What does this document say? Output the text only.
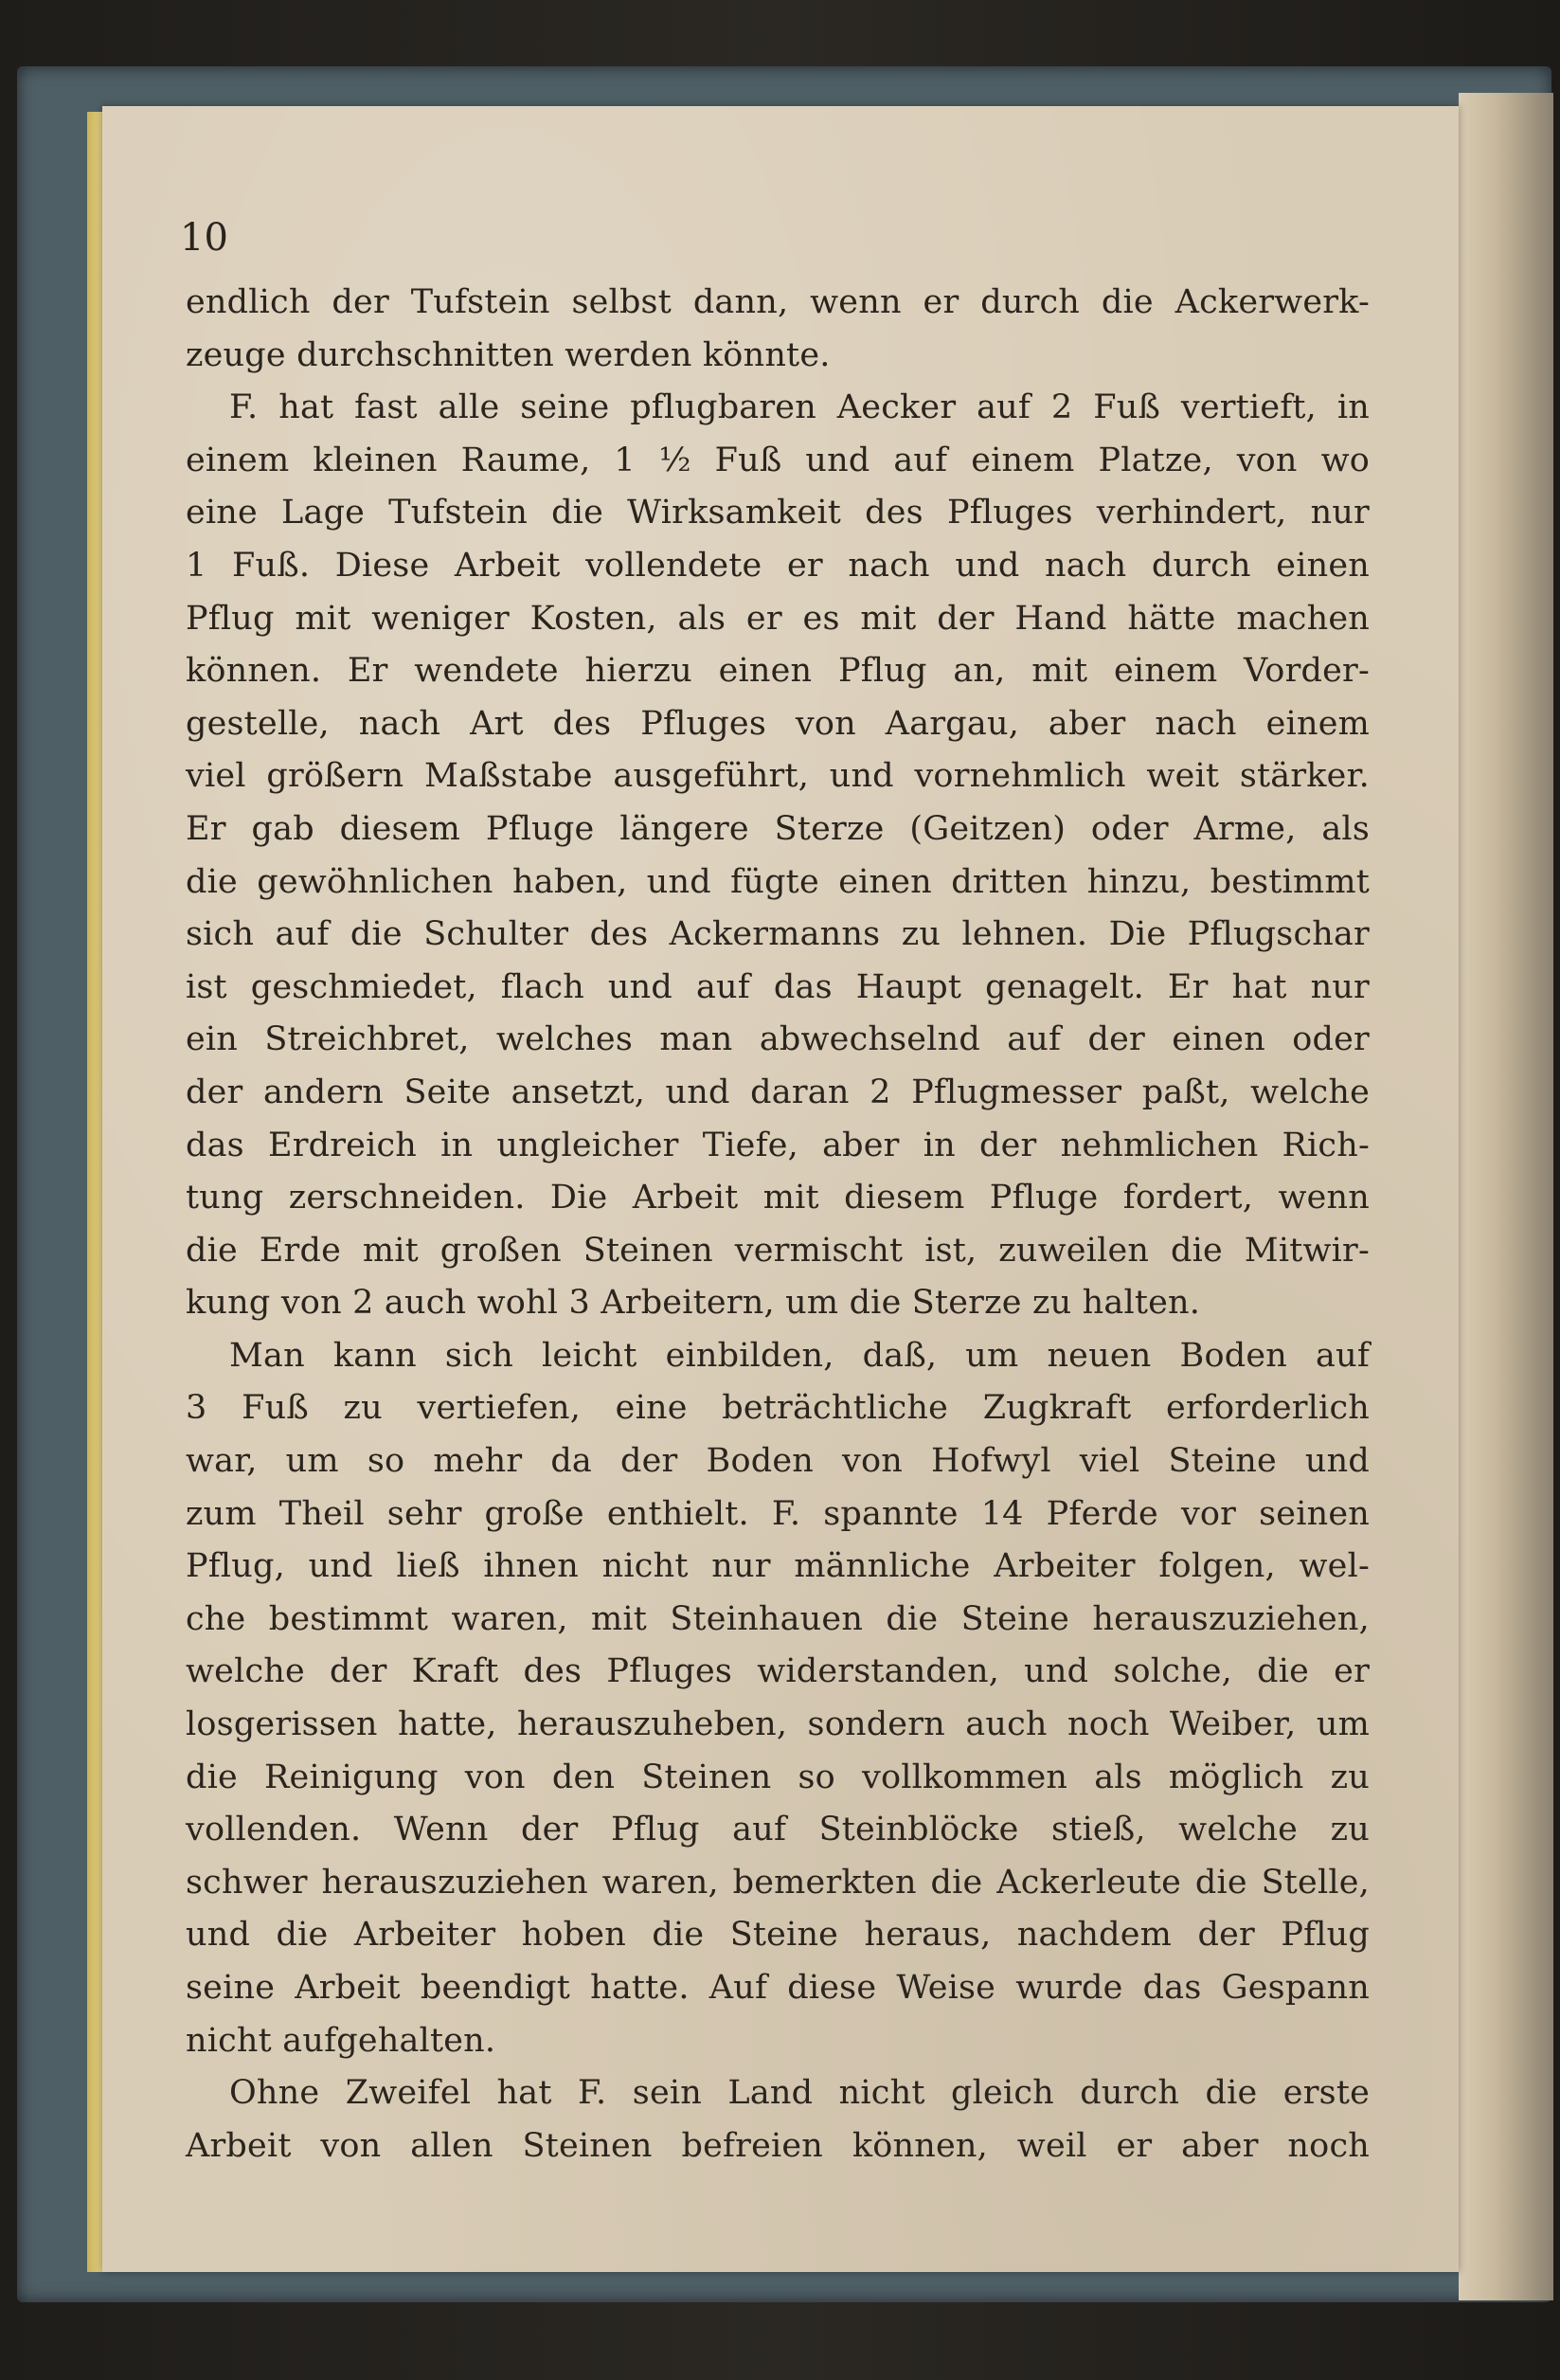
10
endlich der Tufstein selbst dann, wenn er durch die Ackerwerk-
zeuge durchschnitten werden könnte.
F. hat fast alle seine pflugbaren Aecker auf 2 Fuß vertieft, in
einem kleinen Raume, 1 ½ Fuß und auf einem Platze, von wo
eine Lage Tufstein die Wirksamkeit des Pfluges verhindert, nur
1 Fuß. Diese Arbeit vollendete er nach und nach durch einen
Pflug mit weniger Kosten, als er es mit der Hand hätte machen
können. Er wendete hierzu einen Pflug an, mit einem Vorder-
gestelle, nach Art des Pfluges von Aargau, aber nach einem
viel größern Maßstabe ausgeführt, und vornehmlich weit stärker.
Er gab diesem Pfluge längere Sterze (Geitzen) oder Arme, als
die gewöhnlichen haben, und fügte einen dritten hinzu, bestimmt
sich auf die Schulter des Ackermanns zu lehnen. Die Pflugschar
ist geschmiedet, flach und auf das Haupt genagelt. Er hat nur
ein Streichbret, welches man abwechselnd auf der einen oder
der andern Seite ansetzt, und daran 2 Pflugmesser paßt, welche
das Erdreich in ungleicher Tiefe, aber in der nehmlichen Rich-
tung zerschneiden. Die Arbeit mit diesem Pfluge fordert, wenn
die Erde mit großen Steinen vermischt ist, zuweilen die Mitwir-
kung von 2 auch wohl 3 Arbeitern, um die Sterze zu halten.
Man kann sich leicht einbilden, daß, um neuen Boden auf
3 Fuß zu vertiefen, eine beträchtliche Zugkraft erforderlich
war, um so mehr da der Boden von Hofwyl viel Steine und
zum Theil sehr große enthielt. F. spannte 14 Pferde vor seinen
Pflug, und ließ ihnen nicht nur männliche Arbeiter folgen, wel-
che bestimmt waren, mit Steinhauen die Steine herauszuziehen,
welche der Kraft des Pfluges widerstanden, und solche, die er
losgerissen hatte, herauszuheben, sondern auch noch Weiber, um
die Reinigung von den Steinen so vollkommen als möglich zu
vollenden. Wenn der Pflug auf Steinblöcke stieß, welche zu
schwer herauszuziehen waren, bemerkten die Ackerleute die Stelle,
und die Arbeiter hoben die Steine heraus, nachdem der Pflug
seine Arbeit beendigt hatte. Auf diese Weise wurde das Gespann
nicht aufgehalten.
Ohne Zweifel hat F. sein Land nicht gleich durch die erste
Arbeit von allen Steinen befreien können, weil er aber noch
